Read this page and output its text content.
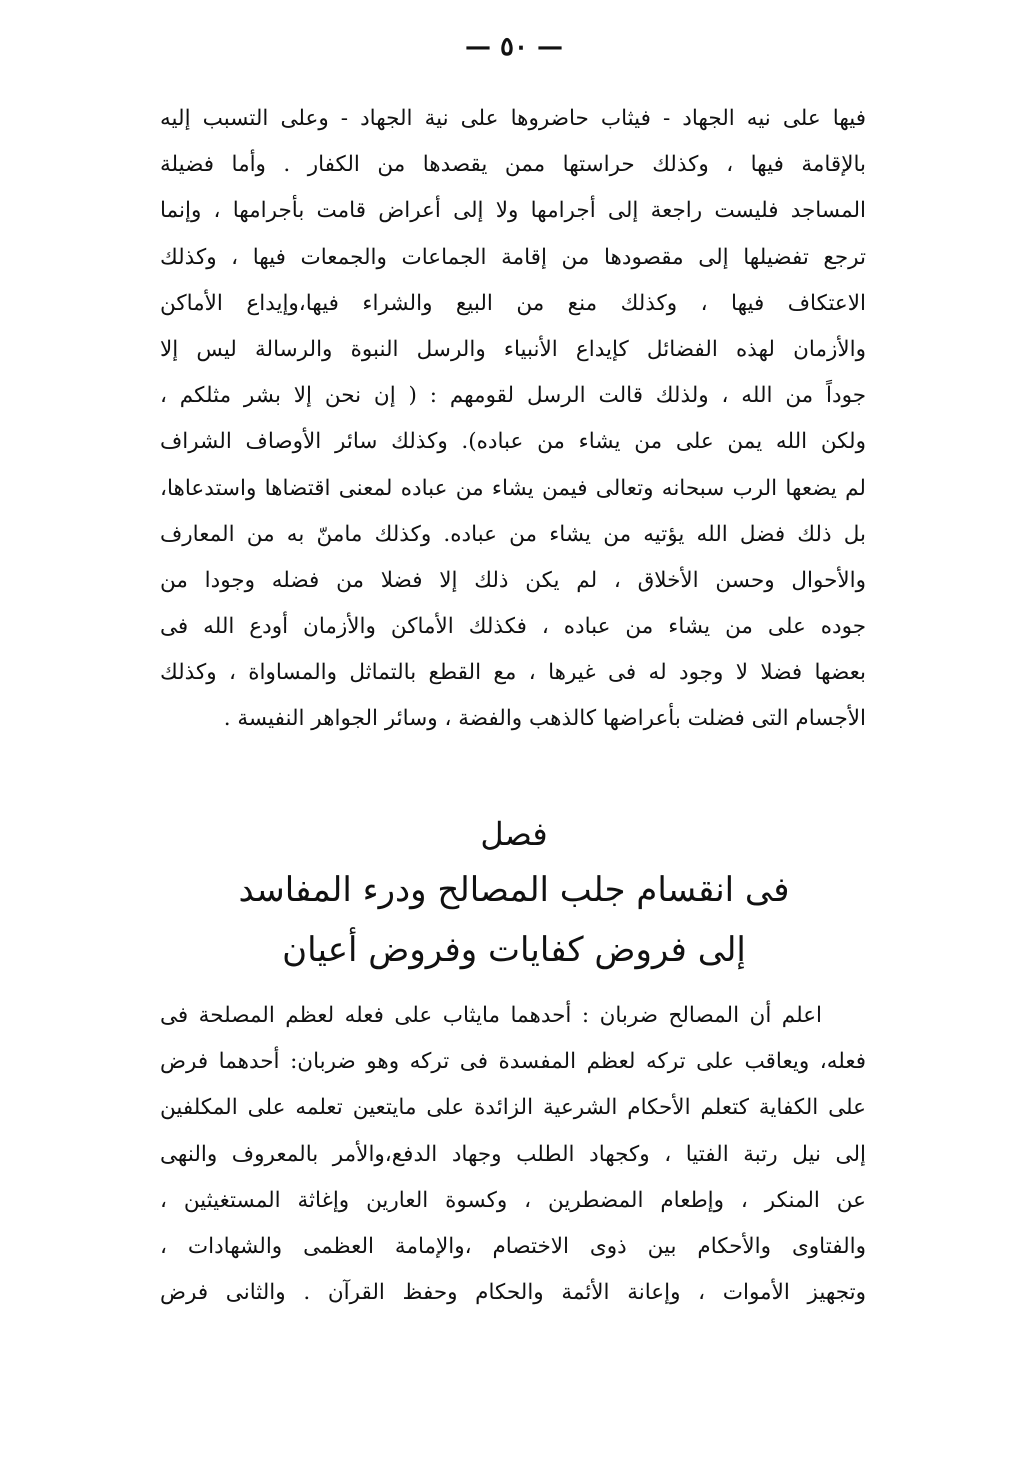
— ٥٠ —
فيها على نيه الجهاد - فيثاب حاضروها على نية الجهاد - وعلى التسبب إليه
بالإقامة فيها ، وكذلك حراستها ممن يقصدها من الكفار . وأما فضيلة
المساجد فليست راجعة إلى أجرامها ولا إلى أعراض قامت بأجرامها ، وإنما
ترجع تفضيلها إلى مقصودها من إقامة الجماعات والجمعات فيها ، وكذلك
الاعتكاف فيها ، وكذلك منع من البيع والشراء فيها،وإيداع الأماكن
والأزمان لهذه الفضائل كإيداع الأنبياء والرسل النبوة والرسالة ليس إلا
جوداً من الله ، ولذلك قالت الرسل لقومهم : ( إن نحن إلا بشر مثلكم ،
ولكن الله يمن على من يشاء من عباده). وكذلك سائر الأوصاف الشراف
لم يضعها الرب سبحانه وتعالى فيمن يشاء من عباده لمعنى اقتضاها واستدعاها،
بل ذلك فضل الله يؤتيه من يشاء من عباده. وكذلك مامنّ به من المعارف
والأحوال وحسن الأخلاق ، لم يكن ذلك إلا فضلا من فضله وجودا من
جوده على من يشاء من عباده ، فكذلك الأماكن والأزمان أودع الله فى
بعضها فضلا لا وجود له فى غيرها ، مع القطع بالتماثل والمساواة ، وكذلك
الأجسام التى فضلت بأعراضها كالذهب والفضة ، وسائر الجواهر النفيسة .
فصل
فى انقسام جلب المصالح ودرء المفاسد
إلى فروض كفايات وفروض أعيان
اعلم أن المصالح ضربان : أحدهما مايثاب على فعله لعظم المصلحة فى
فعله، ويعاقب على تركه لعظم المفسدة فى تركه وهو ضربان: أحدهما فرض
على الكفاية كتعلم الأحكام الشرعية الزائدة على مايتعين تعلمه على المكلفين
إلى نيل رتبة الفتيا ، وكجهاد الطلب وجهاد الدفع،والأمر بالمعروف والنهى
عن المنكر ، وإطعام المضطرين ، وكسوة العارين وإغاثة المستغيثين ،
والفتاوى والأحكام بين ذوى الاختصام ،والإمامة العظمى والشهادات ،
وتجهيز الأموات ، وإعانة الأئمة والحكام وحفظ القرآن . والثانى فرض
